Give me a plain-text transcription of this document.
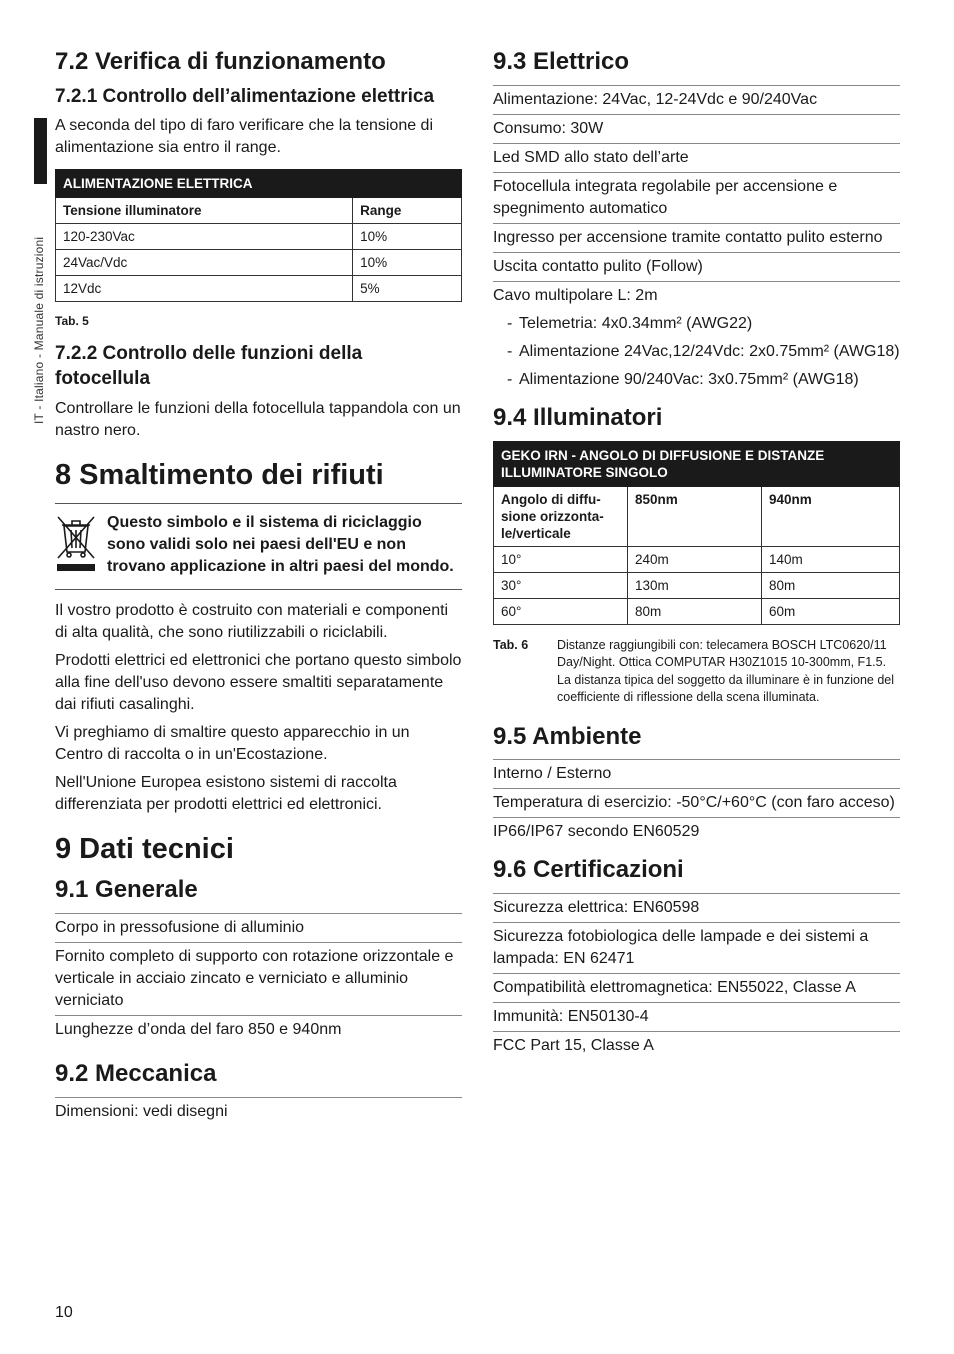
IT - Italiano - Manuale di istruzioni
7.2 Verifica di funzionamento
7.2.1 Controllo dell’alimentazione elettrica

A seconda del tipo di faro verificare che la tensione di alimentazione sia entro il range.

ALIMENTAZIONE ELETTRICA	
Tensione illuminatore	Range
120-230Vac	10%
24Vac/Vdc	10%
12Vdc	5%
Tab. 5
7.2.2 Controllo delle funzioni della fotocellula

Controllare le funzioni della fotocellula tappandola con un nastro nero.

8 Smaltimento dei rifiuti
Questo simbolo e il sistema di riciclaggio sono validi solo nei paesi dell'EU e non trovano applicazione in altri paesi del mondo.

Il vostro prodotto è costruito con materiali e componenti di alta qualità, che sono riutilizzabili o riciclabili.

Prodotti elettrici ed elettronici che portano questo simbolo alla fine dell'uso devono essere smaltiti separatamente dai rifiuti casalinghi.

Vi preghiamo di smaltire questo apparecchio in un Centro di raccolta o in un'Ecostazione.

Nell'Unione Europea esistono sistemi di raccolta differenziata per prodotti elettrici ed elettronici.

9 Dati tecnici
9.1 Generale
Corpo in pressofusione di alluminio
Fornito completo di supporto con rotazione orizzontale e verticale in acciaio zincato e verniciato e alluminio verniciato
Lunghezze d’onda del faro 850 e 940nm
9.2 Meccanica
Dimensioni: vedi disegni
9.3 Elettrico
Alimentazione: 24Vac, 12-24Vdc e 90/240Vac
Consumo: 30W
Led SMD allo stato dell’arte
Fotocellula integrata regolabile per accensione e spegnimento automatico
Ingresso per accensione tramite contatto pulito esterno
Uscita contatto pulito (Follow)
Cavo multipolare L: 2m
- Telemetria: 4x0.34mm² (AWG22)
- Alimentazione 24Vac,12/24Vdc: 2x0.75mm² (AWG18)
- Alimentazione 90/240Vac: 3x0.75mm² (AWG18)
9.4 Illuminatori
GEKO IRN - ANGOLO DI DIFFUSIONE E DISTANZE ILLUMINATORE SINGOLO		
Angolo di diffu-sione orizzonta-le/verticale	850nm	940nm
10°	240m	140m
30°	130m	80m
60°	80m	60m
Tab. 6	Distanze raggiungibili con: telecamera BOSCH LTC0620/11 Day/Night. Ottica COMPUTAR H30Z1015 10-300mm, F1.5. La distanza tipica del soggetto da illuminare è in funzione del coefficiente di riflessione della scena illuminata.
9.5 Ambiente
Interno / Esterno
Temperatura di esercizio: -50°C/+60°C (con faro acceso)
IP66/IP67 secondo EN60529
9.6 Certificazioni
Sicurezza elettrica: EN60598
Sicurezza fotobiologica delle lampade e dei sistemi a lampada: EN 62471
Compatibilità elettromagnetica: EN55022, Classe A
Immunità: EN50130-4
FCC Part 15, Classe A
10
